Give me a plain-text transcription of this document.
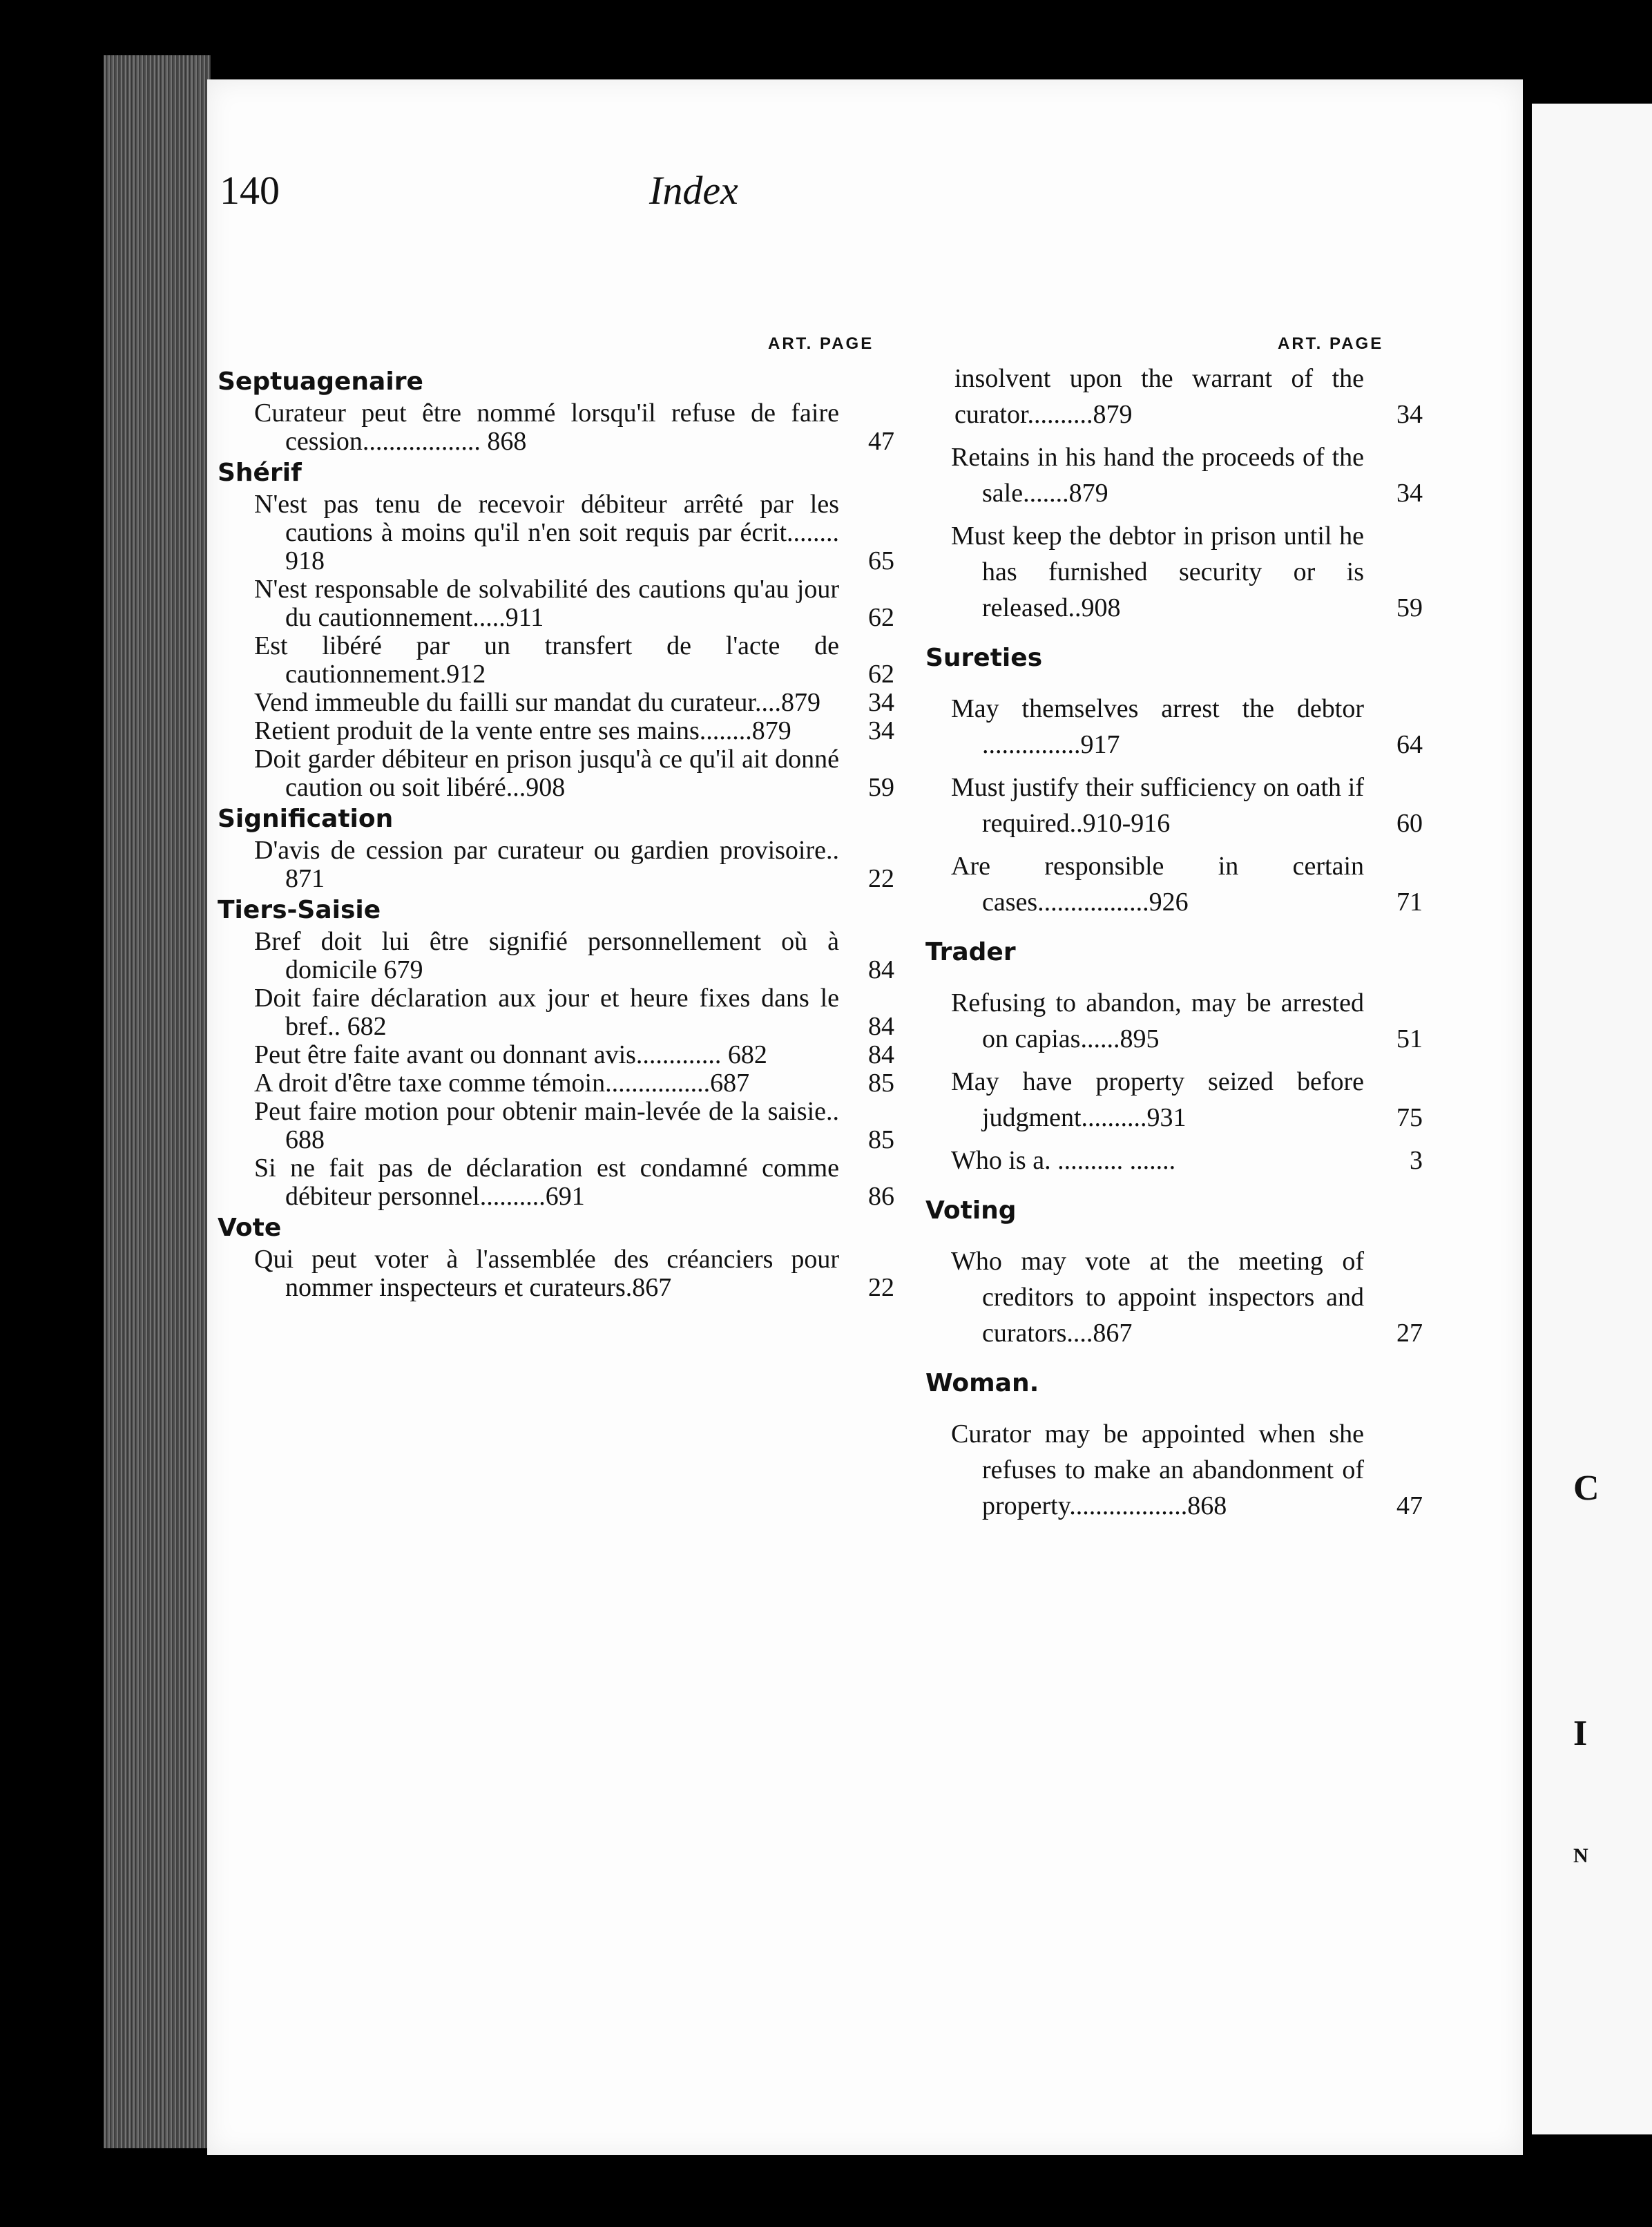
C
I
N
140	Index
ART. PAGE	ART. PAGE
Septuagenaire
Curateur peut être nommé lorsqu'il refuse de faire cession.................. 868	47
Shérif
N'est pas tenu de recevoir débiteur arrêté par les cautions à moins qu'il n'en soit requis par écrit........ 918	65
N'est responsable de solvabilité des cautions qu'au jour du cautionnement.....911	62
Est libéré par un transfert de l'acte de cautionnement.912	62
Vend immeuble du failli sur mandat du curateur....879	34
Retient produit de la vente entre ses mains........879	34
Doit garder débiteur en prison jusqu'à ce qu'il ait donné caution ou soit libéré...908	59
Signification
D'avis de cession par curateur ou gardien provisoire.. 871	22
Tiers-Saisie
Bref doit lui être signifié personnellement où à domicile 679	84
Doit faire déclaration aux jour et heure fixes dans le bref.. 682	84
Peut être faite avant ou donnant avis............. 682	84
A droit d'être taxe comme témoin................687	85
Peut faire motion pour obtenir main-levée de la saisie.. 688	85
Si ne fait pas de déclaration est condamné comme débiteur personnel..........691	86
Vote
Qui peut voter à l'assemblée des créanciers pour nommer inspecteurs et curateurs.867	22
insolvent upon the warrant of the curator..........879	34
Retains in his hand the proceeds of the sale.......879	34
Must keep the debtor in prison until he has furnished security or is released..908	59
Sureties
May themselves arrest the debtor ...............917	64
Must justify their sufficiency on oath if required..910-916	60
Are responsible in certain cases.................926	71
Trader
Refusing to abandon, may be arrested on capias......895	51
May have property seized before judgment..........931	75
Who is a. .......... .......	3
Voting
Who may vote at the meeting of creditors to appoint inspectors and curators....867	27
Woman.
Curator may be appointed when she refuses to make an abandonment of property..................868	47
